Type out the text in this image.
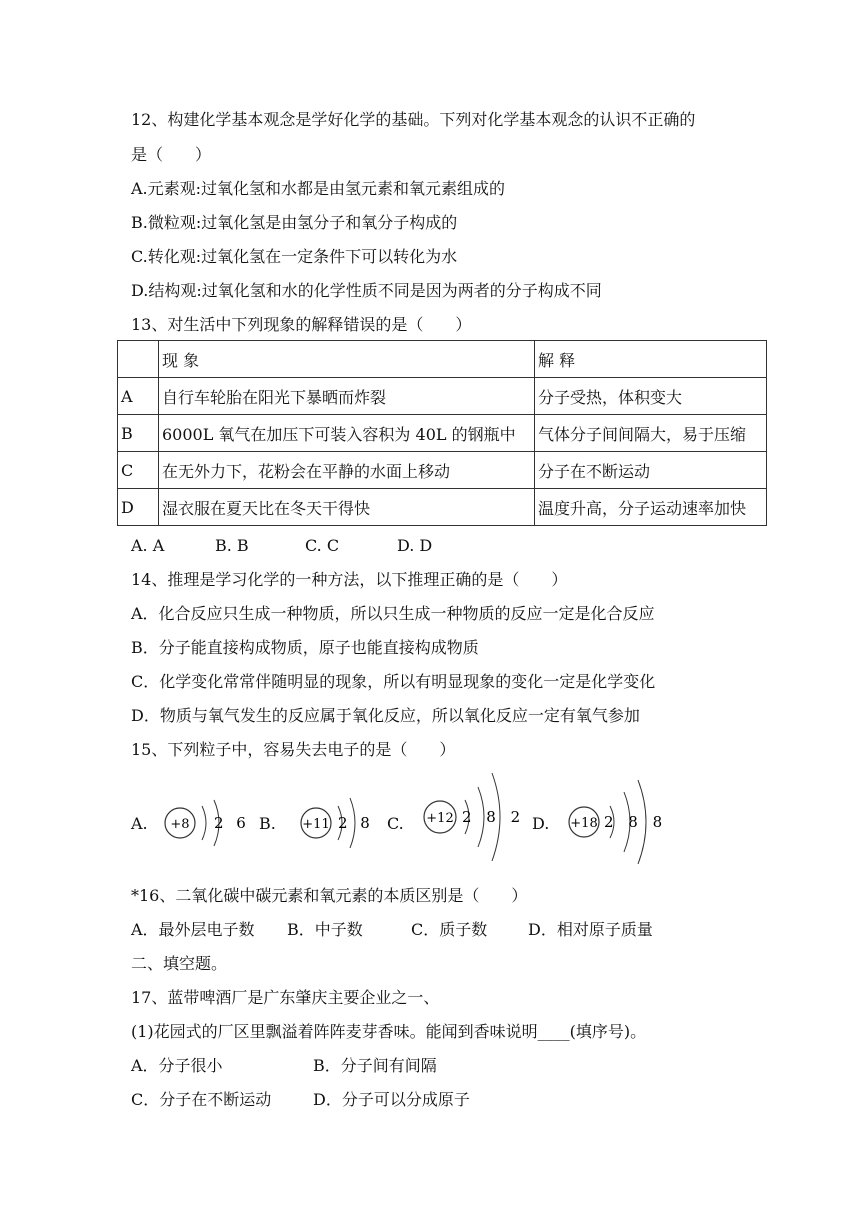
12、构建化学基本观念是学好化学的基础。下列对化学基本观念的认识不正确的
是（　　）
A.元素观:过氧化氢和水都是由氢元素和氧元素组成的
B.微粒观:过氧化氢是由氢分子和氧分子构成的
C.转化观:过氧化氢在一定条件下可以转化为水
D.结构观:过氧化氢和水的化学性质不同是因为两者的分子构成不同
13、对生活中下列现象的解释错误的是（　　）
	现 象	解 释
A	自行车轮胎在阳光下暴晒而炸裂	分子受热，体积变大
B	6000L 氧气在加压下可装入容积为 40L 的钢瓶中	气体分子间间隔大，易于压缩
C	在无外力下，花粉会在平静的水面上移动	分子在不断运动
D	湿衣服在夏天比在冬天干得快	温度升高，分子运动速率加快
A. A	B. B	C. C	D. D
14、推理是学习化学的一种方法，以下推理正确的是（　　）
A．化合反应只生成一种物质，所以只生成一种物质的反应一定是化合反应
B．分子能直接构成物质，原子也能直接构成物质
C．化学变化常常伴随明显的现象，所以有明显现象的变化一定是化学变化
D．物质与氧气发生的反应属于氧化反应，所以氧化反应一定有氧气参加
15、下列粒子中，容易失去电子的是（　　）
A. +8 2 6 B. +11 2 8 C. +12 2 8 2 D. +18 2 8 8
*16、二氧化碳中碳元素和氧元素的本质区别是（　　）
A．最外层电子数 B．中子数	C．质子数	D．相对原子质量
二、填空题。
17、蓝带啤酒厂是广东肇庆主要企业之一、
(1)花园式的厂区里飘溢着阵阵麦芽香味。能闻到香味说明____(填序号)。
A．分子很小	B．分子间有间隔
C．分子在不断运动	D．分子可以分成原子
